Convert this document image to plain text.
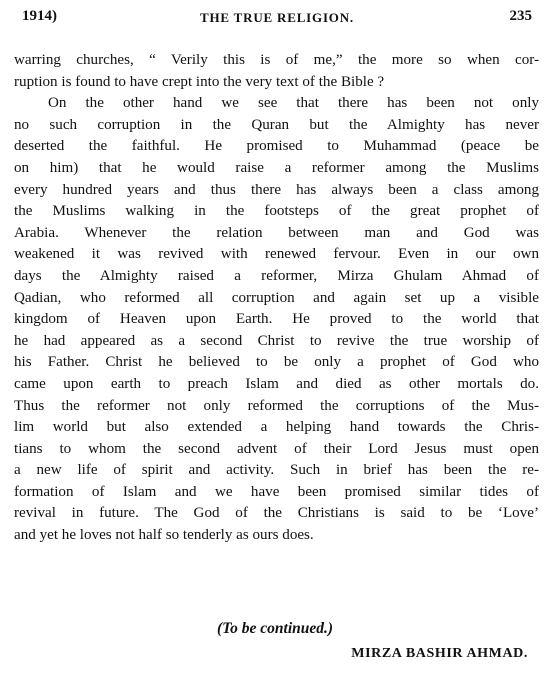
1914)	THE TRUE RELIGION.	235
warring churches, “ Verily this is of me,” the more so when cor-
ruption is found to have crept into the very text of the Bible ?
On the other hand we see that there has been not only
no such corruption in the Quran but the Almighty has never
deserted the faithful. He promised to Muhammad (peace be
on him) that he would raise a reformer among the Muslims
every hundred years and thus there has always been a class among
the Muslims walking in the footsteps of the great prophet of
Arabia. Whenever the relation between man and God was
weakened it was revived with renewed fervour. Even in our own
days the Almighty raised a reformer, Mirza Ghulam Ahmad of
Qadian, who reformed all corruption and again set up a visible
kingdom of Heaven upon Earth. He proved to the world that
he had appeared as a second Christ to revive the true worship of
his Father. Christ he believed to be only a prophet of God who
came upon earth to preach Islam and died as other mortals do.
Thus the reformer not only reformed the corruptions of the Mus-
lim world but also extended a helping hand towards the Chris-
tians to whom the second advent of their Lord Jesus must open
a new life of spirit and activity. Such in brief has been the re-
formation of Islam and we have been promised similar tides of
revival in future. The God of the Christians is said to be ‘Love’
and yet he loves not half so tenderly as ours does.
(To be continued.)
MIRZA BASHIR AHMAD.
